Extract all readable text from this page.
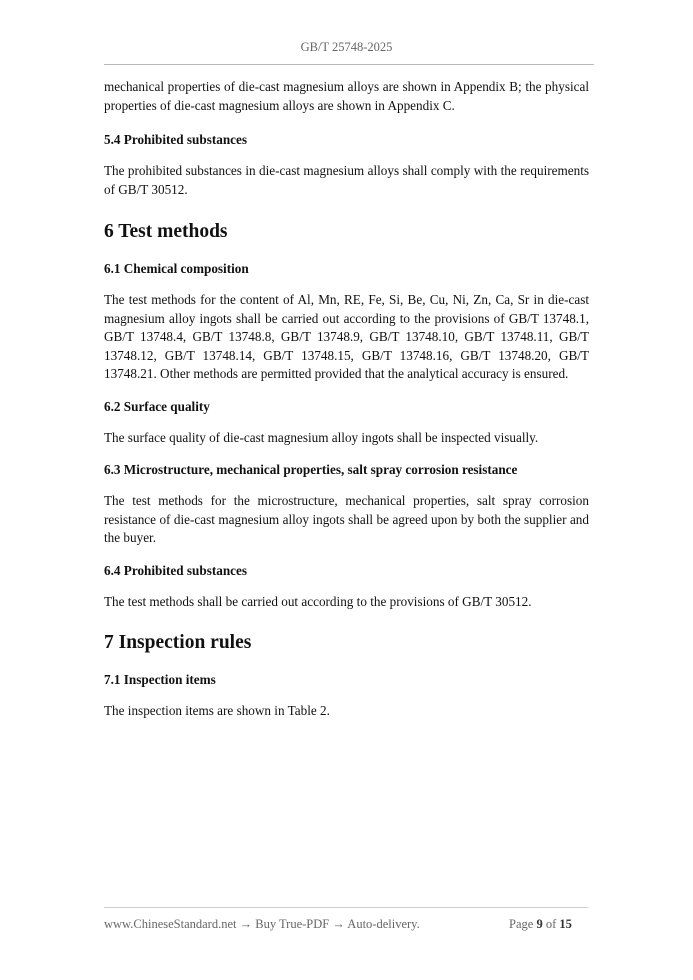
GB/T 25748-2025

mechanical properties of die-cast magnesium alloys are shown in Appendix B; the physical properties of die-cast magnesium alloys are shown in Appendix C.

5.4 Prohibited substances

The prohibited substances in die-cast magnesium alloys shall comply with the requirements of GB/T 30512.

6 Test methods

6.1 Chemical composition

The test methods for the content of Al, Mn, RE, Fe, Si, Be, Cu, Ni, Zn, Ca, Sr in die-cast magnesium alloy ingots shall be carried out according to the provisions of GB/T 13748.1, GB/T 13748.4, GB/T 13748.8, GB/T 13748.9, GB/T 13748.10, GB/T 13748.11, GB/T 13748.12, GB/T 13748.14, GB/T 13748.15, GB/T 13748.16, GB/T 13748.20, GB/T 13748.21. Other methods are permitted provided that the analytical accuracy is ensured.

6.2 Surface quality

The surface quality of die-cast magnesium alloy ingots shall be inspected visually.

6.3 Microstructure, mechanical properties, salt spray corrosion resistance

The test methods for the microstructure, mechanical properties, salt spray corrosion resistance of die-cast magnesium alloy ingots shall be agreed upon by both the supplier and the buyer.

6.4 Prohibited substances

The test methods shall be carried out according to the provisions of GB/T 30512.

7 Inspection rules

7.1 Inspection items

The inspection items are shown in Table 2.

www.ChineseStandard.net → Buy True-PDF → Auto-delivery.	Page 9 of 15
